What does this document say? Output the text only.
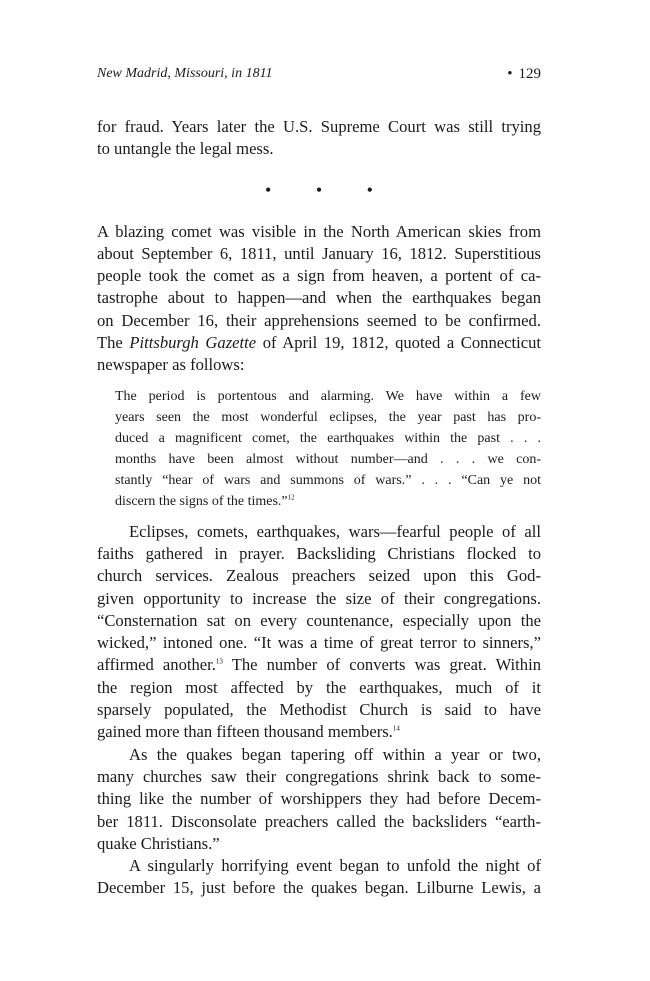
New Madrid, Missouri, in 1811	• 129

for fraud. Years later the U.S. Supreme Court was still trying
to untangle the legal mess.

• • •

A blazing comet was visible in the North American skies from
about September 6, 1811, until January 16, 1812. Superstitious
people took the comet as a sign from heaven, a portent of ca-
tastrophe about to happen—and when the earthquakes began
on December 16, their apprehensions seemed to be confirmed.
The Pittsburgh Gazette of April 19, 1812, quoted a Connecticut
newspaper as follows:

The period is portentous and alarming. We have within a few
years seen the most wonderful eclipses, the year past has pro-
duced a magnificent comet, the earthquakes within the past . . .
months have been almost without number—and . . . we con-
stantly “hear of wars and summons of wars.” . . . “Can ye not
discern the signs of the times.”$^{12}$

Eclipses, comets, earthquakes, wars—fearful people of all
faiths gathered in prayer. Backsliding Christians flocked to
church services. Zealous preachers seized upon this God-
given opportunity to increase the size of their congregations.
“Consternation sat on every countenance, especially upon the
wicked,” intoned one. “It was a time of great terror to sinners,”
affirmed another.$^{13}$ The number of converts was great. Within
the region most affected by the earthquakes, much of it
sparsely populated, the Methodist Church is said to have
gained more than fifteen thousand members.$^{14}$

As the quakes began tapering off within a year or two,
many churches saw their congregations shrink back to some-
thing like the number of worshippers they had before Decem-
ber 1811. Disconsolate preachers called the backsliders “earth-
quake Christians.”

A singularly horrifying event began to unfold the night of
December 15, just before the quakes began. Lilburne Lewis, a
